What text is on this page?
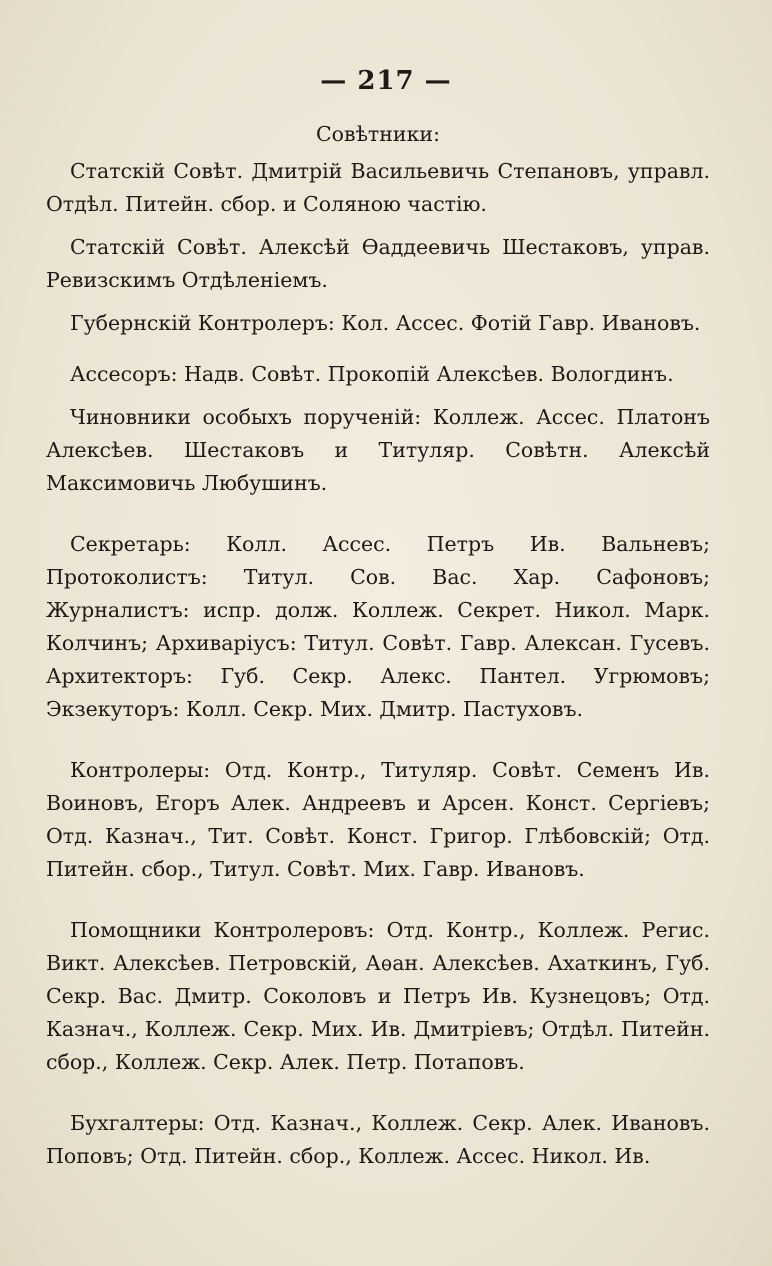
— 217 —

Совѣтники:

Статскій Совѣт. Дмитрій Васильевичь Степановъ, управл. Отдѣл. Питейн. сбор. и Соляною частію.

Статскій Совѣт. Алексѣй Ѳаддеевичь Шестаковъ, управ. Ревизскимъ Отдѣленіемъ.

Губернскій Контролеръ: Кол. Ассес. Фотій Гавр. Ивановъ.

Ассесоръ: Надв. Совѣт. Прокопій Алексѣев. Вологдинъ.

Чиновники особыхъ порученій: Коллеж. Ассес. Платонъ Алексѣев. Шестаковъ и Титуляр. Совѣтн. Алексѣй Максимовичь Любушинъ.

Секретарь: Колл. Ассес. Петръ Ив. Вальневъ; Протоколистъ: Титул. Сов. Вас. Хар. Сафоновъ; Журналистъ: испр. долж. Коллеж. Секрет. Никол. Марк. Колчинъ; Архиваріусъ: Титул. Совѣт. Гавр. Алексан. Гусевъ. Архитекторъ: Губ. Секр. Алекс. Пантел. Угрюмовъ; Экзекуторъ: Колл. Секр. Мих. Дмитр. Пастуховъ.

Контролеры: Отд. Контр., Титуляр. Совѣт. Семенъ Ив. Воиновъ, Егоръ Алек. Андреевъ и Арсен. Конст. Сергіевъ; Отд. Казнач., Тит. Совѣт. Конст. Григор. Глѣбовскій; Отд. Питейн. сбор., Титул. Совѣт. Мих. Гавр. Ивановъ.

Помощники Контролеровъ: Отд. Контр., Коллеж. Регис. Викт. Алексѣев. Петровскій, Аѳан. Алексѣев. Ахаткинъ, Губ. Секр. Вас. Дмитр. Соколовъ и Петръ Ив. Кузнецовъ; Отд. Казнач., Коллеж. Секр. Мих. Ив. Дмитріевъ; Отдѣл. Питейн. сбор., Коллеж. Секр. Алек. Петр. Потаповъ.

Бухгалтеры: Отд. Казнач., Коллеж. Секр. Алек. Ивановъ. Поповъ; Отд. Питейн. сбор., Коллеж. Ассес. Никол. Ив.
